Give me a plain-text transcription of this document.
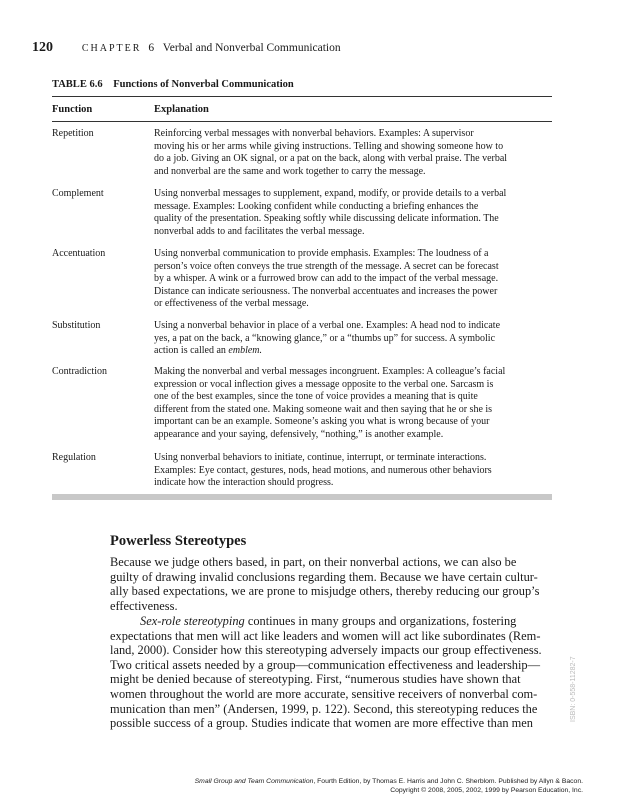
120	CHAPTER 6 Verbal and Nonverbal Communication
TABLE 6.6 Functions of Nonverbal Communication
Function	Explanation
Repetition	Reinforcing verbal messages with nonverbal behaviors. Examples: A supervisor
moving his or her arms while giving instructions. Telling and showing someone how to
do a job. Giving an OK signal, or a pat on the back, along with verbal praise. The verbal
and nonverbal are the same and work together to carry the message.
Complement	Using nonverbal messages to supplement, expand, modify, or provide details to a verbal
message. Examples: Looking confident while conducting a briefing enhances the
quality of the presentation. Speaking softly while discussing delicate information. The
nonverbal adds to and facilitates the verbal message.
Accentuation	Using nonverbal communication to provide emphasis. Examples: The loudness of a
person’s voice often conveys the true strength of the message. A secret can be forecast
by a whisper. A wink or a furrowed brow can add to the impact of the verbal message.
Distance can indicate seriousness. The nonverbal accentuates and increases the power
or effectiveness of the verbal message.
Substitution	Using a nonverbal behavior in place of a verbal one. Examples: A head nod to indicate
yes, a pat on the back, a “knowing glance,” or a “thumbs up” for success. A symbolic
action is called an emblem.
Contradiction	Making the nonverbal and verbal messages incongruent. Examples: A colleague’s facial
expression or vocal inflection gives a message opposite to the verbal one. Sarcasm is
one of the best examples, since the tone of voice provides a meaning that is quite
different from the stated one. Making someone wait and then saying that he or she is
important can be an example. Someone’s asking you what is wrong because of your
appearance and your saying, defensively, “nothing,” is another example.
Regulation	Using nonverbal behaviors to initiate, continue, interrupt, or terminate interactions.
Examples: Eye contact, gestures, nods, head motions, and numerous other behaviors
indicate how the interaction should progress.
Powerless Stereotypes
Because we judge others based, in part, on their nonverbal actions, we can also be
guilty of drawing invalid conclusions regarding them. Because we have certain cultur-
ally based expectations, we are prone to misjudge others, thereby reducing our group’s
effectiveness.
Sex-role stereotyping continues in many groups and organizations, fostering
expectations that men will act like leaders and women will act like subordinates (Rem-
land, 2000). Consider how this stereotyping adversely impacts our group effectiveness.
Two critical assets needed by a group—communication effectiveness and leadership—
might be denied because of stereotyping. First, “numerous studies have shown that
women throughout the world are more accurate, sensitive receivers of nonverbal com-
munication than men” (Andersen, 1999, p. 122). Second, this stereotyping reduces the
possible success of a group. Studies indicate that women are more effective than men
ISBN: 0-558-11282-7
Small Group and Team Communication, Fourth Edition, by Thomas E. Harris and John C. Sherblom. Published by Allyn & Bacon.
Copyright © 2008, 2005, 2002, 1999 by Pearson Education, Inc.
